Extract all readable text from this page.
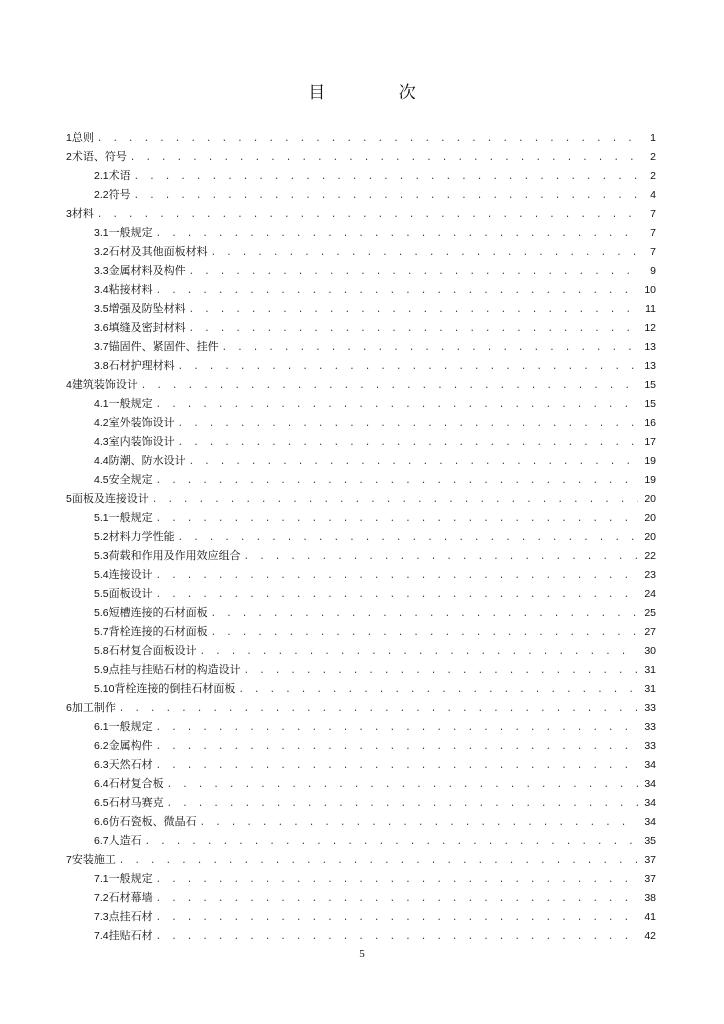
目 次
1 总则 . . .	1
2 术语、符号 . . .	2
2.1 术语 . . .	2
2.2 符号 . . .	4
3 材料 . . .	7
3.1 一般规定 . . .	7
3.2 石材及其他面板材料 . . .	7
3.3 金属材料及构件 . . .	9
3.4 粘接材料 . . .	10
3.5 增强及防坠材料 . . .	11
3.6 填缝及密封材料 . . .	12
3.7 锚固件、紧固件、挂件 . . .	13
3.8 石材护理材料 . . .	13
4 建筑装饰设计 . . .	15
4.1 一般规定 . . .	15
4.2 室外装饰设计 . . .	16
4.3 室内装饰设计 . . .	17
4.4 防潮、防水设计 . . .	19
4.5 安全规定 . . .	19
5 面板及连接设计 . . .	20
5.1 一般规定 . . .	20
5.2 材料力学性能 . . .	20
5.3 荷载和作用及作用效应组合 . . .	22
5.4 连接设计 . . .	23
5.5 面板设计 . . .	24
5.6 短槽连接的石材面板 . . .	25
5.7 背栓连接的石材面板 . . .	27
5.8 石材复合面板设计 . . .	30
5.9 点挂与挂贴石材的构造设计 . . .	31
5.10 背栓连接的倒挂石材面板 . . .	31
6 加工制作 . . .	33
6.1 一般规定 . . .	33
6.2 金属构件 . . .	33
6.3 天然石材 . . .	34
6.4 石材复合板 . . .	34
6.5 石材马赛克 . . .	34
6.6 仿石瓷板、微晶石 . . .	34
6.7 人造石 . . .	35
7 安装施工 . . .	37
7.1 一般规定 . . .	37
7.2 石材幕墙 . . .	38
7.3 点挂石材 . . .	41
7.4 挂贴石材 . . .	42
5
